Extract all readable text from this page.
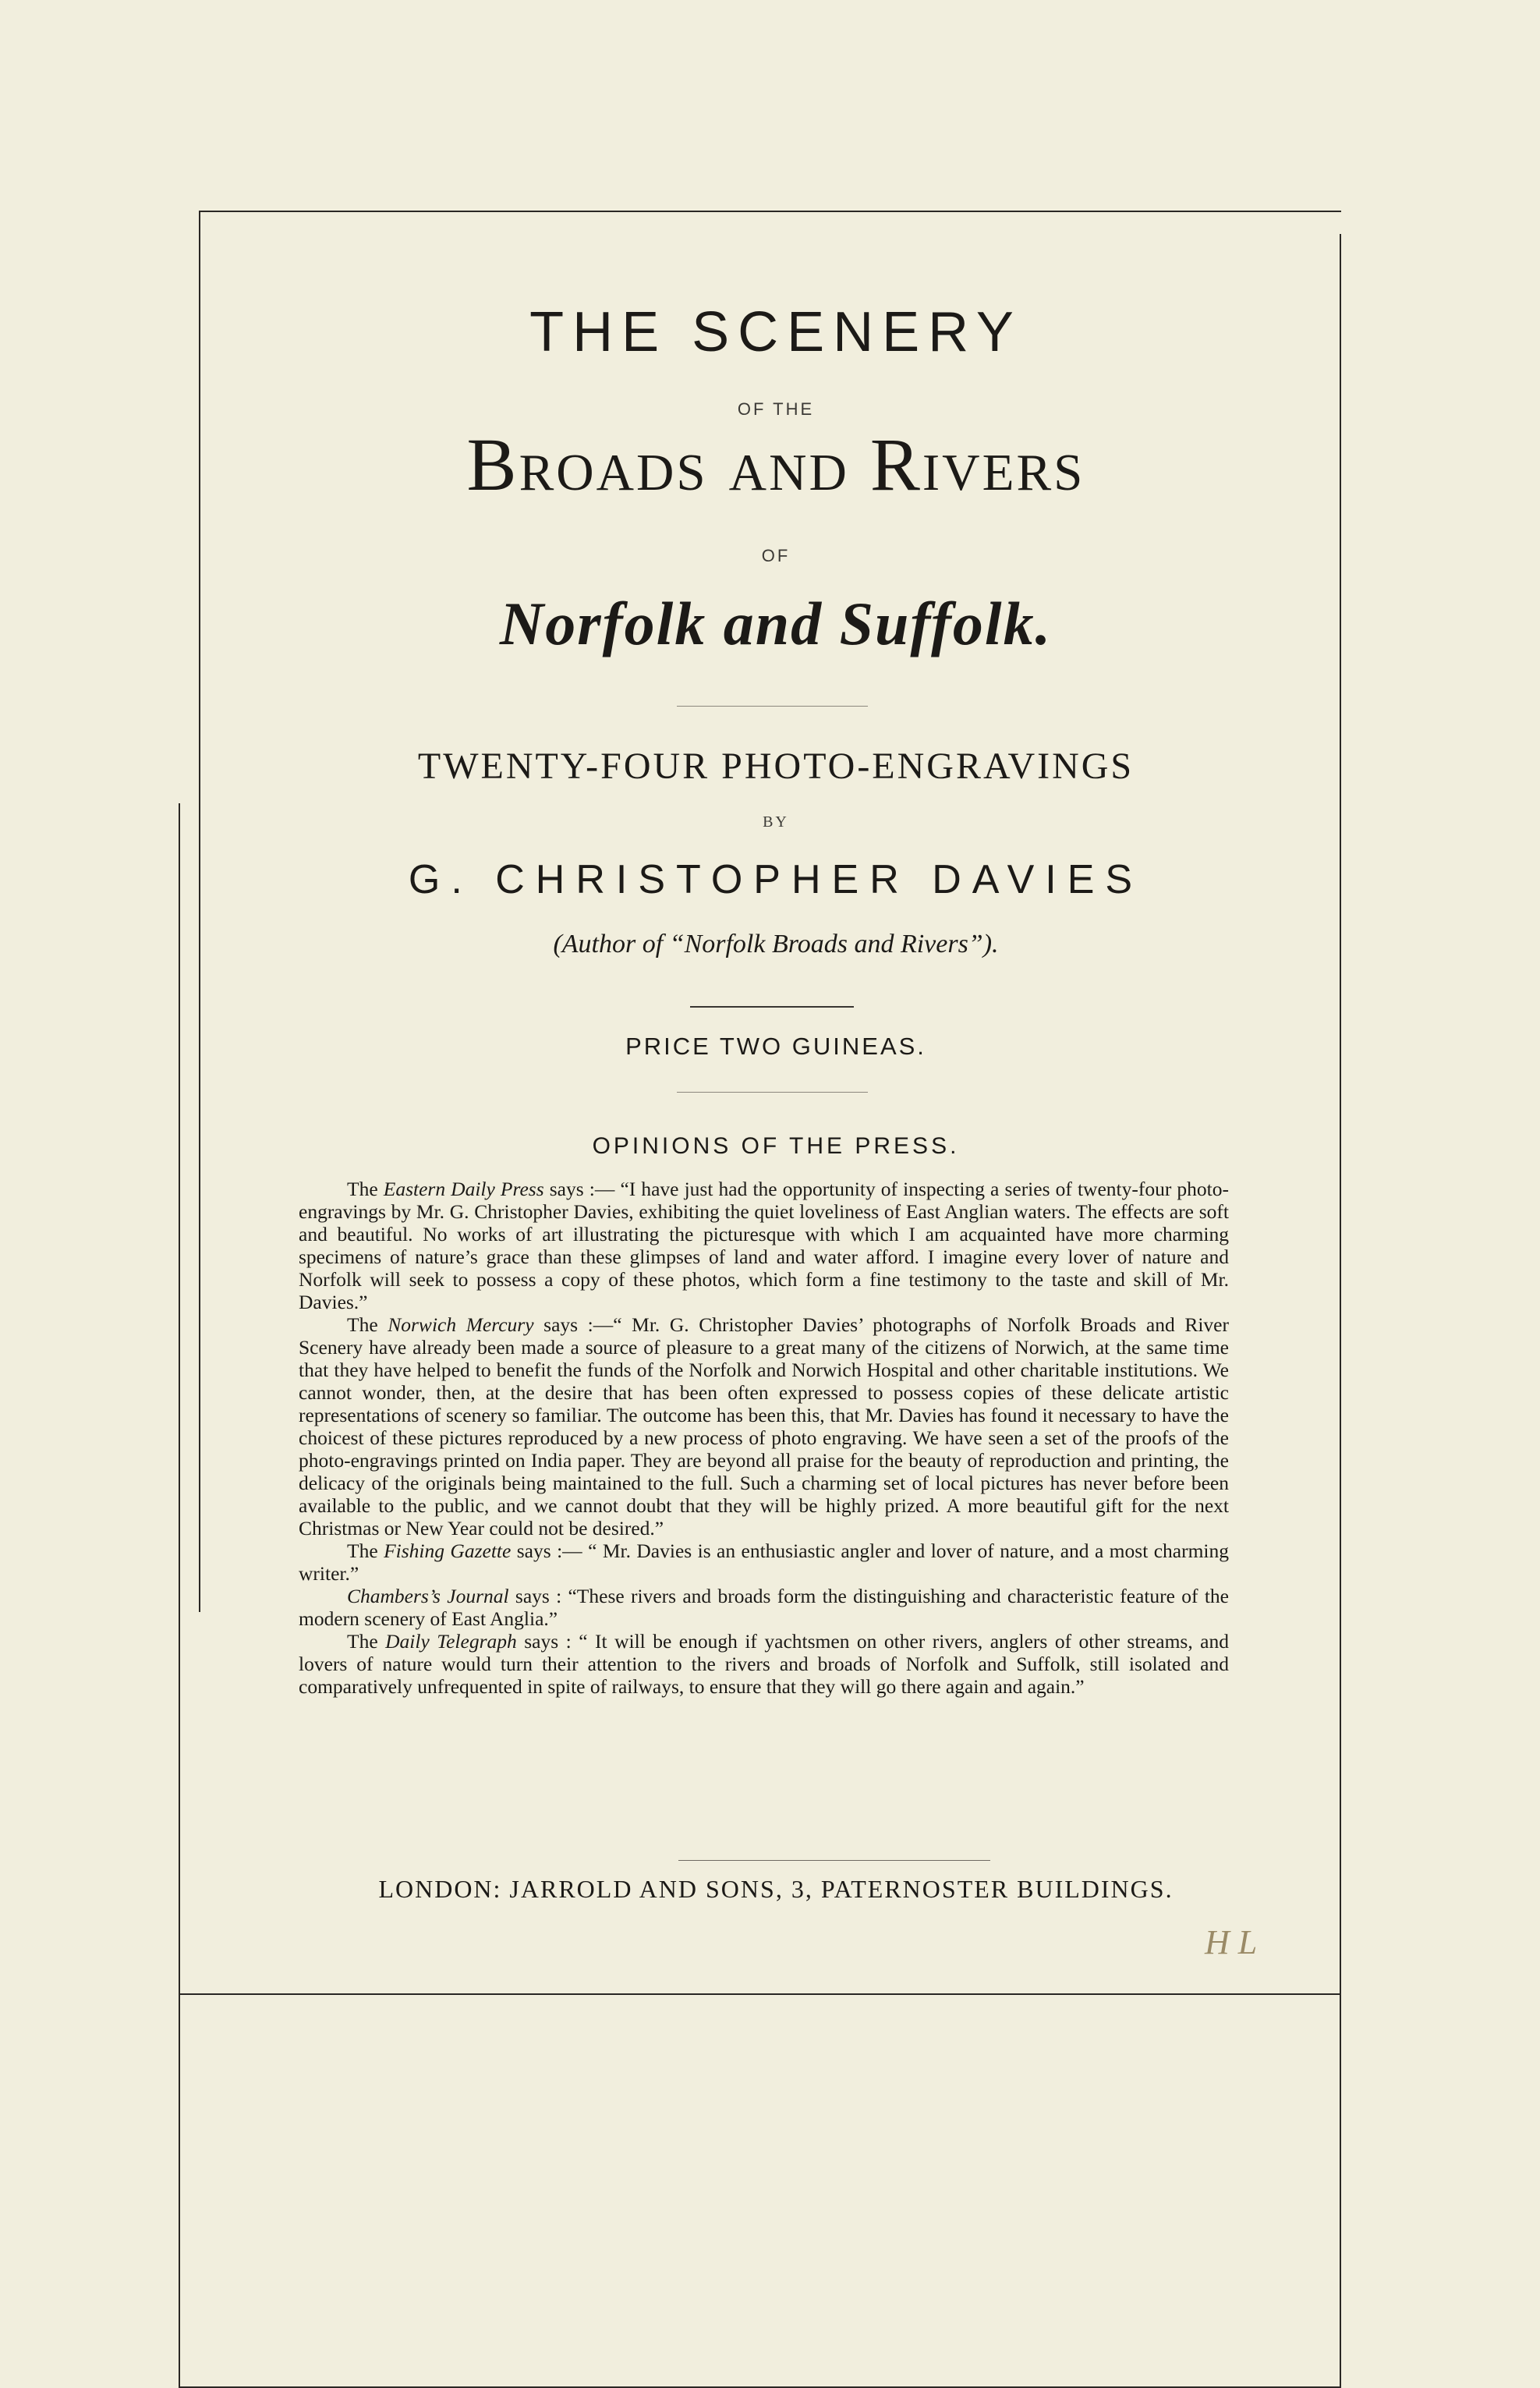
THE SCENERY
OF THE
Broads and Rivers
OF
Norfolk and Suffolk.
TWENTY-FOUR PHOTO-ENGRAVINGS
BY
G. CHRISTOPHER DAVIES
(Author of “Norfolk Broads and Rivers”).
PRICE TWO GUINEAS.
OPINIONS OF THE PRESS.

The Eastern Daily Press says :— “I have just had the opportunity of inspecting a series of twenty-four photo-engravings by Mr. G. Christopher Davies, exhibiting the quiet loveliness of East Anglian waters. The effects are soft and beautiful. No works of art illustrating the picturesque with which I am acquainted have more charming specimens of nature’s grace than these glimpses of land and water afford. I imagine every lover of nature and Norfolk will seek to possess a copy of these photos, which form a fine testimony to the taste and skill of Mr. Davies.”

The Norwich Mercury says :—“ Mr. G. Christopher Davies’ photographs of Norfolk Broads and River Scenery have already been made a source of pleasure to a great many of the citizens of Norwich, at the same time that they have helped to benefit the funds of the Norfolk and Norwich Hospital and other charitable institutions. We cannot wonder, then, at the desire that has been often expressed to possess copies of these delicate artistic representations of scenery so familiar. The outcome has been this, that Mr. Davies has found it necessary to have the choicest of these pictures reproduced by a new process of photo engraving. We have seen a set of the proofs of the photo-engravings printed on India paper. They are beyond all praise for the beauty of reproduction and printing, the delicacy of the originals being maintained to the full. Such a charming set of local pictures has never before been available to the public, and we cannot doubt that they will be highly prized. A more beautiful gift for the next Christmas or New Year could not be desired.”

The Fishing Gazette says :— “ Mr. Davies is an enthusiastic angler and lover of nature, and a most charming writer.”

Chambers’s Journal says : “These rivers and broads form the distinguishing and characteristic feature of the modern scenery of East Anglia.”

The Daily Telegraph says : “ It will be enough if yachtsmen on other rivers, anglers of other streams, and lovers of nature would turn their attention to the rivers and broads of Norfolk and Suffolk, still isolated and comparatively unfrequented in spite of railways, to ensure that they will go there again and again.”

LONDON: JARROLD AND SONS, 3, PATERNOSTER BUILDINGS.
H L
